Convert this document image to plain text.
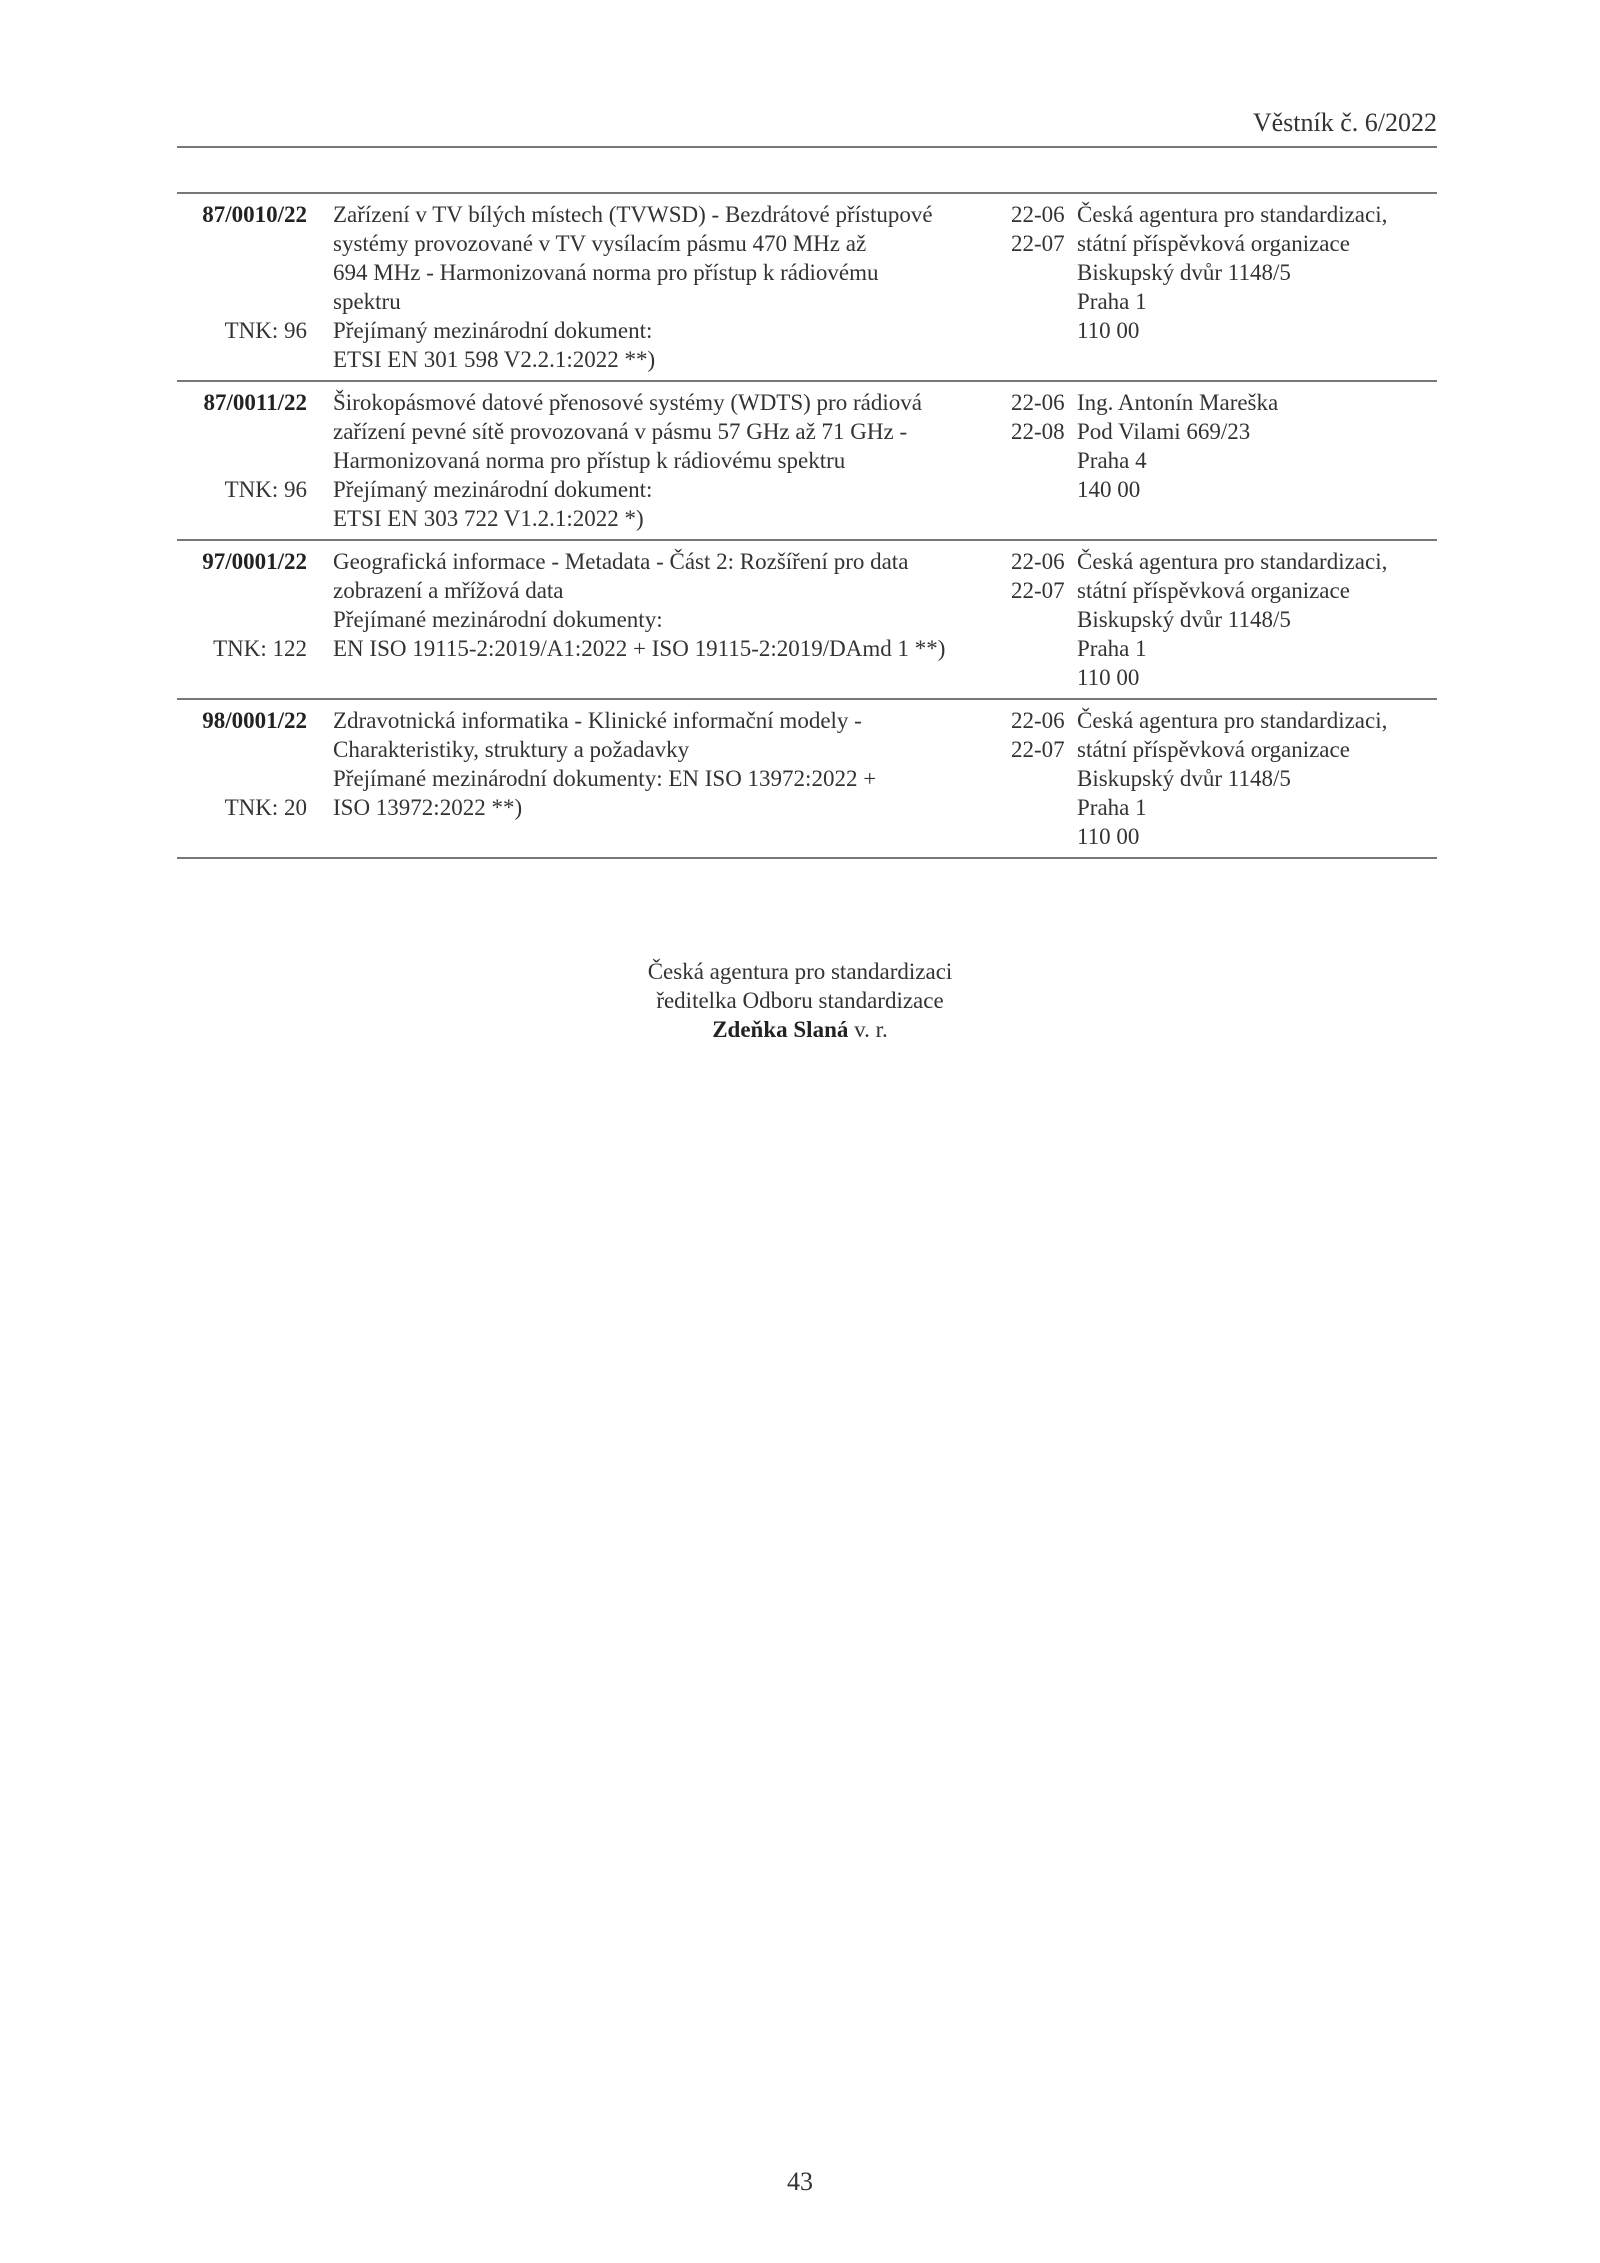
Věstník č. 6/2022
87/0010/22
TNK: 96
Zařízení v TV bílých místech (TVWSD) - Bezdrátové přístupové
systémy provozované v TV vysílacím pásmu 470 MHz až
694 MHz - Harmonizovaná norma pro přístup k rádiovému
spektru
Přejímaný mezinárodní dokument:
ETSI EN 301 598 V2.2.1:2022 **)
22-06
22-07
Česká agentura pro standardizaci,
státní příspěvková organizace
Biskupský dvůr 1148/5
Praha 1
110 00
87/0011/22
TNK: 96
Širokopásmové datové přenosové systémy (WDTS) pro rádiová
zařízení pevné sítě provozovaná v pásmu 57 GHz až 71 GHz -
Harmonizovaná norma pro přístup k rádiovému spektru
Přejímaný mezinárodní dokument:
ETSI EN 303 722 V1.2.1:2022 *)
22-06
22-08
Ing. Antonín Mareška
Pod Vilami 669/23
Praha 4
140 00
97/0001/22
TNK: 122
Geografická informace - Metadata - Část 2: Rozšíření pro data
zobrazení a mřížová data
Přejímané mezinárodní dokumenty:
EN ISO 19115-2:2019/A1:2022 + ISO 19115-2:2019/DAmd 1 **)
22-06
22-07
Česká agentura pro standardizaci,
státní příspěvková organizace
Biskupský dvůr 1148/5
Praha 1
110 00
98/0001/22
TNK: 20
Zdravotnická informatika - Klinické informační modely -
Charakteristiky, struktury a požadavky
Přejímané mezinárodní dokumenty: EN ISO 13972:2022 +
ISO 13972:2022 **)
22-06
22-07
Česká agentura pro standardizaci,
státní příspěvková organizace
Biskupský dvůr 1148/5
Praha 1
110 00
Česká agentura pro standardizaci
ředitelka Odboru standardizace
Zdeňka Slaná v. r.
43
